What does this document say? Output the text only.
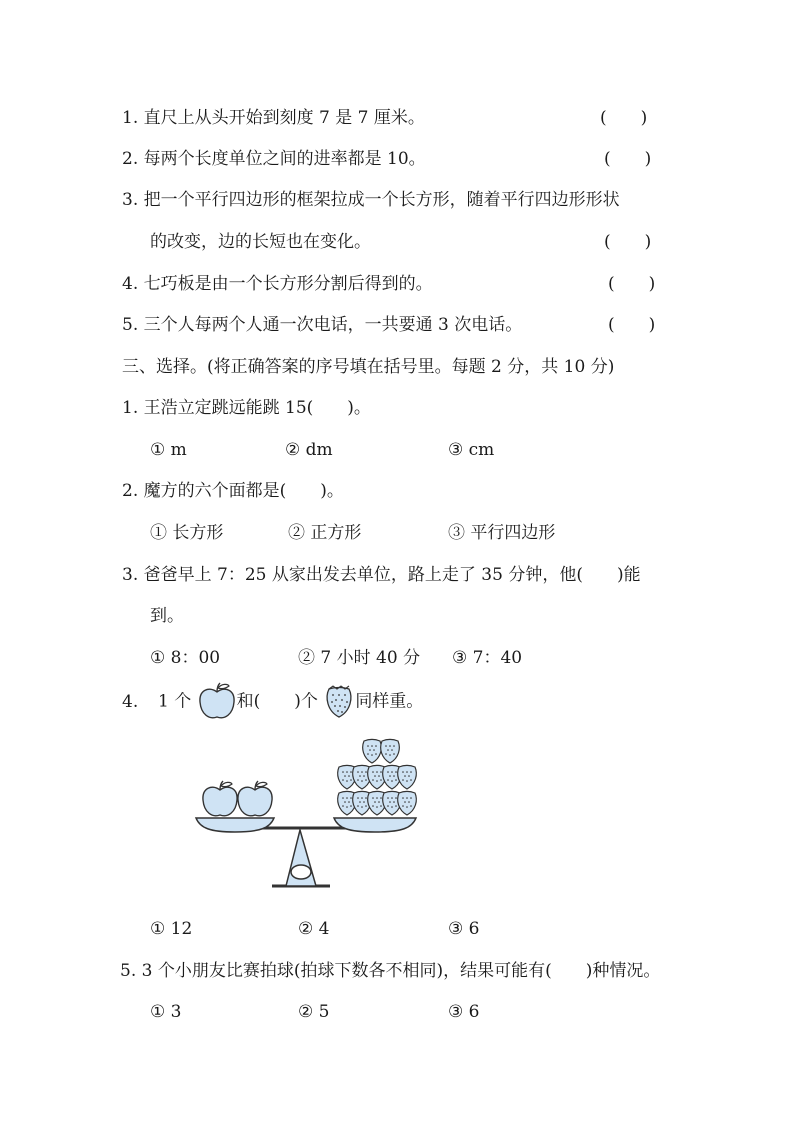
1. 直尺上从头开始到刻度 7 是 7 厘米。	(　　)
2. 每两个长度单位之间的进率都是 10。	(　　)
3. 把一个平行四边形的框架拉成一个长方形，随着平行四边形形状
的改变，边的长短也在变化。	(　　)
4. 七巧板是由一个长方形分割后得到的。	(　　)
5. 三个人每两个人通一次电话，一共要通 3 次电话。	(　　)
三、选择。(将正确答案的序号填在括号里。每题 2 分，共 10 分)
1. 王浩立定跳远能跳 15(　　)。
① m	② dm	③ cm
2. 魔方的六个面都是(　　)。
① 长方形	② 正方形	③ 平行四边形
3. 爸爸早上 7：25 从家出发去单位，路上走了 35 分钟，他(　　)能
到。
① 8：00	② 7 小时 40 分 ③ 7：40
4. 1 个	和(　　)个 同样重。
① 12	② 4	③ 6
5. 3 个小朋友比赛拍球(拍球下数各不相同)，结果可能有(　　)种情况。
① 3	② 5	③ 6
